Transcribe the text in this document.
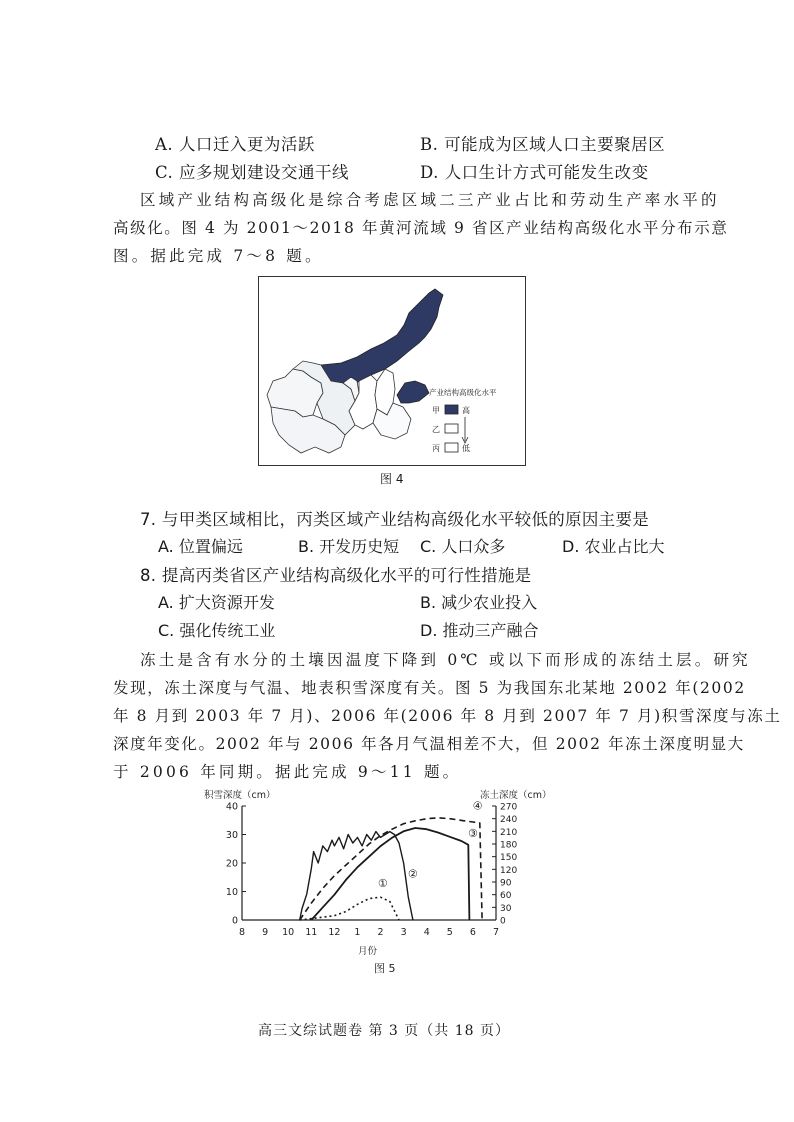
A. 人口迁入更为活跃	B. 可能成为区域人口主要聚居区
C. 应多规划建设交通干线	D. 人口生计方式可能发生改变
区域产业结构高级化是综合考虑区域二三产业占比和劳动生产率水平的
高级化。图 4 为 2001～2018 年黄河流域 9 省区产业结构高级化水平分布示意
图。据此完成 7～8 题。
产业结构高级化水平
甲	高
乙
丙	低
图 4
7. 与甲类区域相比，丙类区域产业结构高级化水平较低的原因主要是
A. 位置偏远	B. 开发历史短 C. 人口众多	D. 农业占比大
8. 提高丙类省区产业结构高级化水平的可行性措施是
A. 扩大资源开发	B. 减少农业投入
C. 强化传统工业	D. 推动三产融合
冻土是含有水分的土壤因温度下降到 0℃ 或以下而形成的冻结土层。研究
发现，冻土深度与气温、地表积雪深度有关。图 5 为我国东北某地 2002 年(2002
年 8 月到 2003 年 7 月)、2006 年(2006 年 8 月到 2007 年 7 月)积雪深度与冻土
深度年变化。2002 年与 2006 年各月气温相差不大，但 2002 年冻土深度明显大
于 2006 年同期。据此完成 9～11 题。
积雪深度（cm）	冻土深度（cm）
0
10
20
30
40
0
30
60
90
120
150
180
210
240
270
8 9 10 11 12 1 2 3 4 5 6 7
①
②
③
④
月份
图 5
高三文综试题卷 第 3 页（共 18 页）
